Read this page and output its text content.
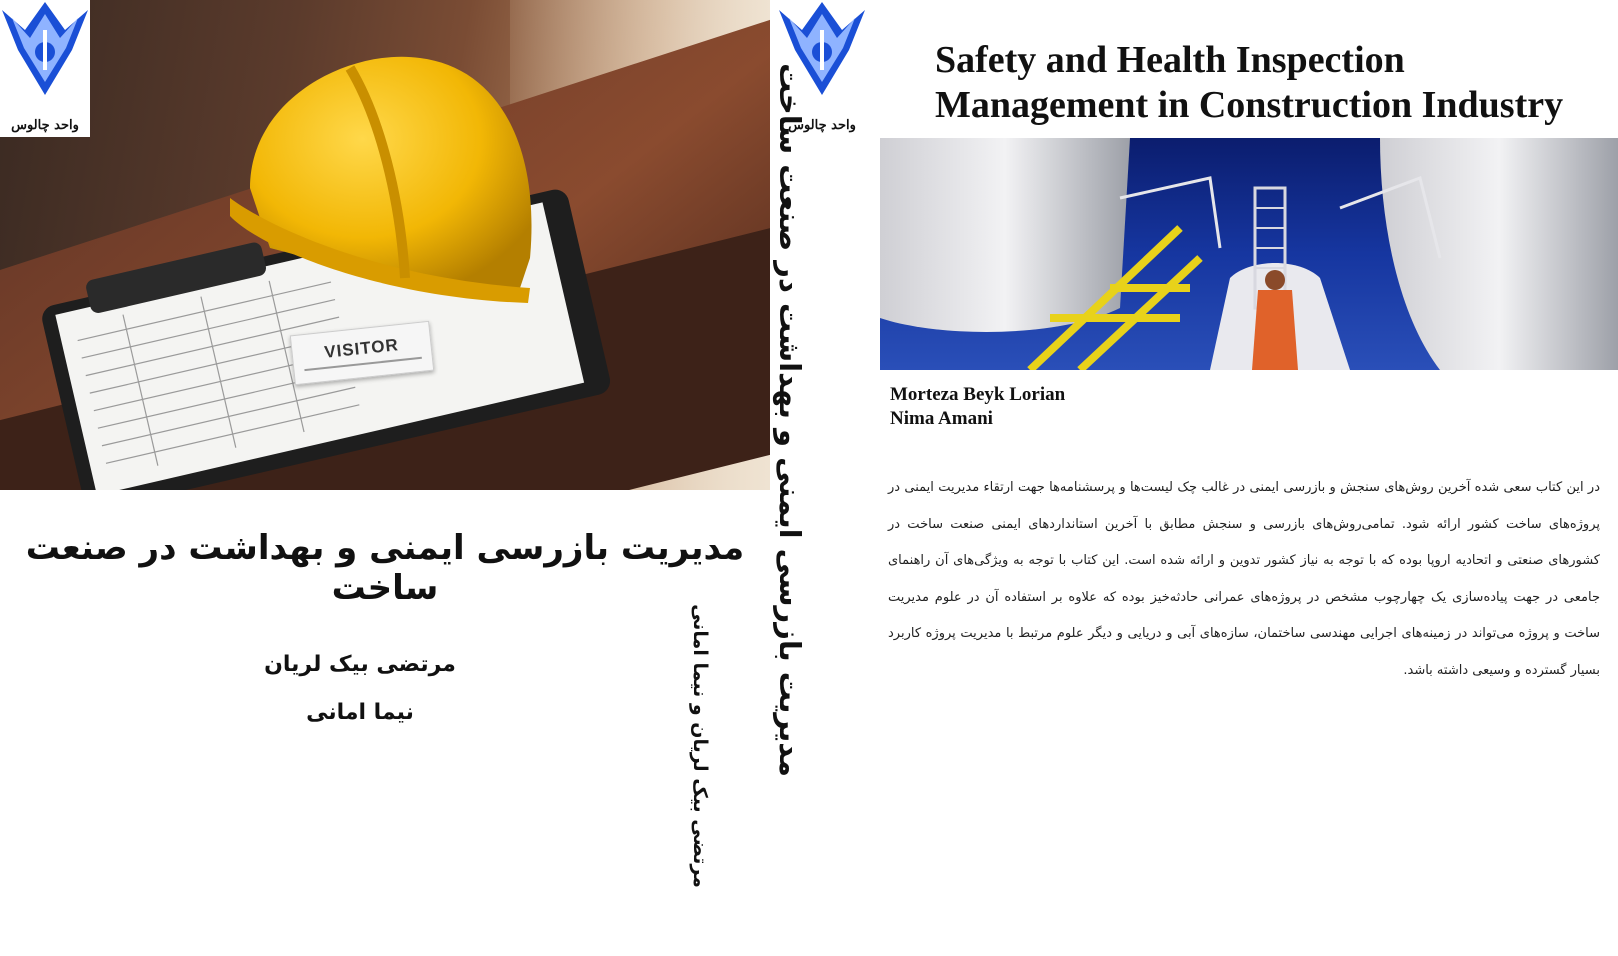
VISITOR
واحد چالوس
مدیریت بازرسی ایمنی و بهداشت در صنعت ساخت
مرتضی بیک لریان
نیما امانی
واحد چالوس
مدیریت بازرسی ایمنی و بهداشت در صنعت ساخت
مرتضی بیک لریان و نیما امانی
Safety and Health Inspection
Management in Construction Industry
Morteza Beyk Lorian
Nima Amani

در این کتاب سعی شده آخرین روش‌های سنجش و بازرسی ایمنی در غالب چک لیست‌ها و پرسشنامه‌ها جهت ارتقاء مدیریت ایمنی در پروژه‌های ساخت کشور ارائه شود. تمامی‌روش‌های بازرسی و سنجش مطابق با آخرین استانداردهای ایمنی صنعت ساخت در کشورهای صنعتی و اتحادیه اروپا بوده که با توجه به نیاز کشور تدوین و ارائه شده است. این کتاب با توجه به ویژگی‌های آن راهنمای جامعی در جهت پیاده‌سازی یک چهارچوب مشخص در پروژه‌های عمرانی حادثه‌خیز بوده که علاوه بر استفاده آن در علوم مدیریت ساخت و پروژه می‌تواند در زمینه‌های اجرایی مهندسی ساختمان، سازه‌های آبی و دریایی و دیگر علوم مرتبط با مدیریت پروژه کاربرد بسیار گسترده و وسیعی داشته باشد.
